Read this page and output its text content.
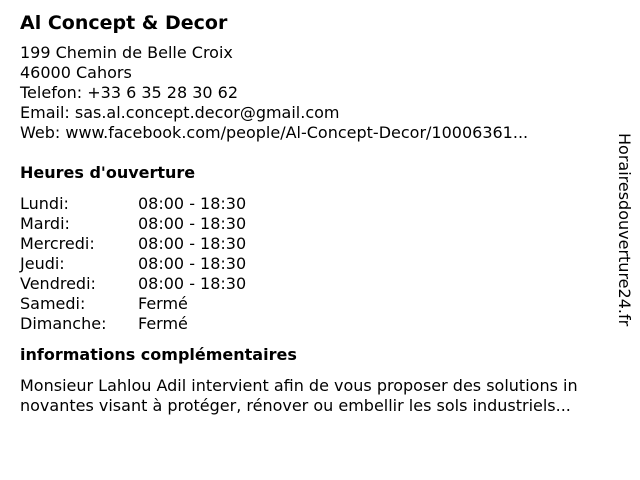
Al Concept & Decor
199 Chemin de Belle Croix
46000 Cahors
Telefon: +33 6 35 28 30 62
Email: sas.al.concept.decor@gmail.com
Web: www.facebook.com/people/Al-Concept-Decor/10006361...
Heures d'ouverture
Lundi:	08:00 - 18:30
Mardi:	08:00 - 18:30
Mercredi:	08:00 - 18:30
Jeudi:	08:00 - 18:30
Vendredi:	08:00 - 18:30
Samedi:	Fermé
Dimanche:	Fermé
informations complémentaires
Monsieur Lahlou Adil intervient afin de vous proposer des solutions in novantes visant à protéger, rénover ou embellir les sols industriels...
Horairesdouverture24.fr
